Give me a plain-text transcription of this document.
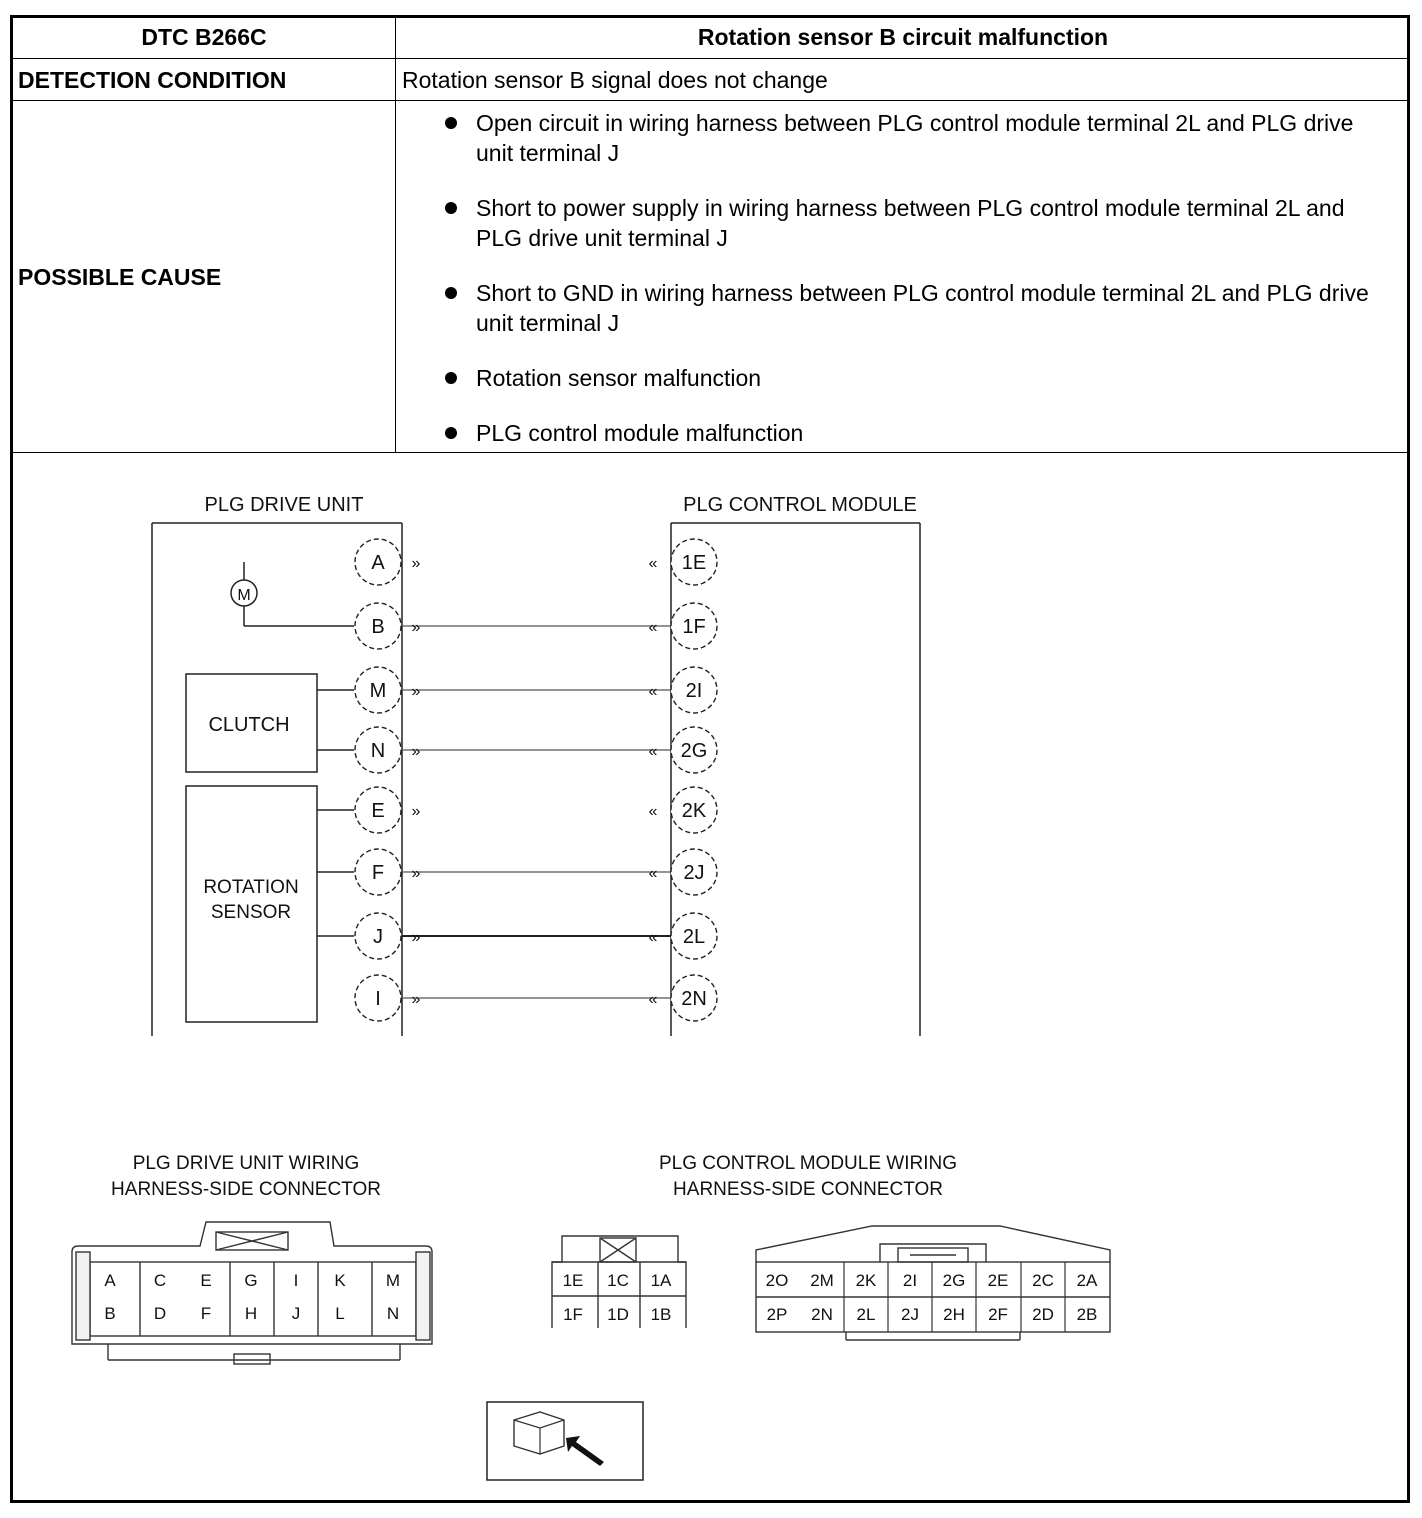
DTC B266C	Rotation sensor B circuit malfunction
DETECTION CONDITION	Rotation sensor B signal does not change
POSSIBLE CAUSE
Open circuit in wiring harness between PLG control module terminal 2L and PLG drive unit terminal J
Short to power supply in wiring harness between PLG control module terminal 2L and PLG drive unit terminal J
Short to GND in wiring harness between PLG control module terminal 2L and PLG drive unit terminal J
Rotation sensor malfunction
PLG control module malfunction
PLG DRIVE UNIT	PLG CONTROL MODULE
M
CLUTCH
ROTATION
SENSOR
A	1E
»	«
B	1F
»	«
M	2I
»	«
N	2G
»	«
E	2K
»	«
F	2J
»	«
J	2L
»	«
I	2N
»	«
PLG DRIVE UNIT WIRING
HARNESS-SIDE CONNECTOR
PLG CONTROL MODULE WIRING
HARNESS-SIDE CONNECTOR
A C E G I K M
B D F H J L N
1E 1C 1A
1F 1D 1B
2O 2M 2K 2I 2G 2E 2C 2A
2P 2N 2L 2J 2H 2F 2D 2B
